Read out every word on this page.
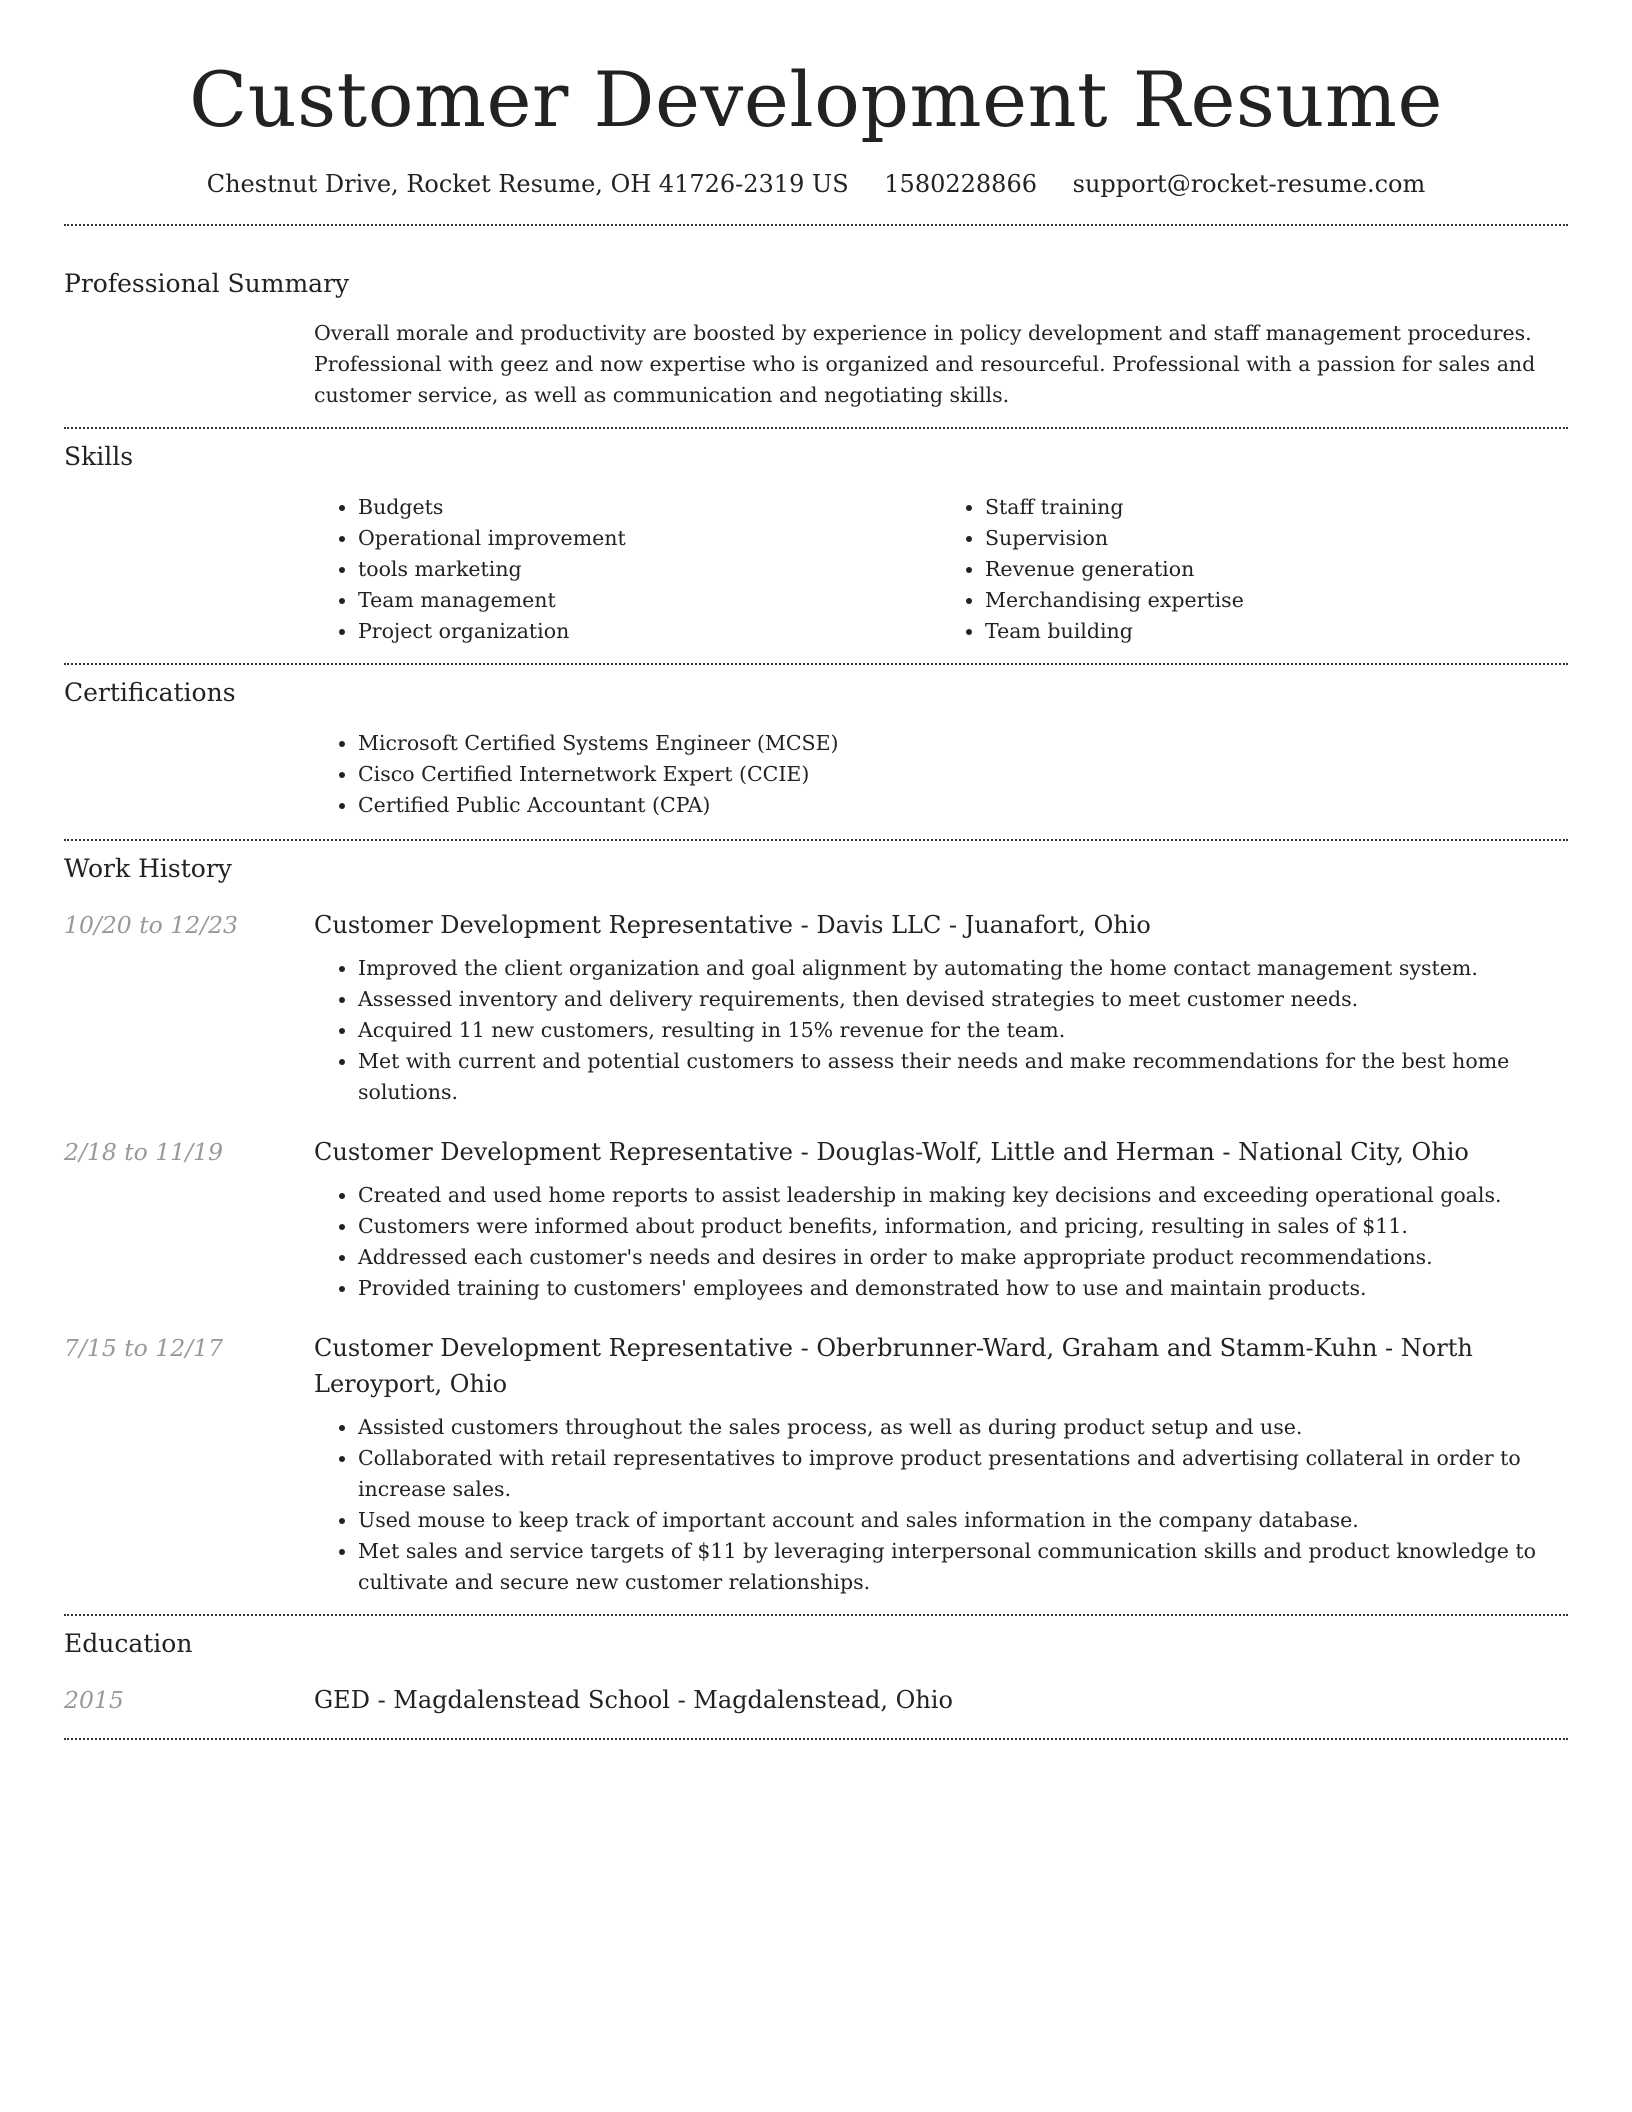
Customer Development Resume
Chestnut Drive, Rocket Resume, OH 41726-2319 US 1580228866 support@rocket-resume.com
Professional Summary
Overall morale and productivity are boosted by experience in policy development and staff management procedures. Professional with geez and now expertise who is organized and resourceful. Professional with a passion for sales and customer service, as well as communication and negotiating skills.
Skills
• Budgets
• Operational improvement
• tools marketing
• Team management
• Project organization
• Staff training
• Supervision
• Revenue generation
• Merchandising expertise
• Team building
Certifications
• Microsoft Certified Systems Engineer (MCSE)
• Cisco Certified Internetwork Expert (CCIE)
• Certified Public Accountant (CPA)
Work History
10/20 to 12/23	Customer Development Representative - Davis LLC - Juanafort, Ohio
• Improved the client organization and goal alignment by automating the home contact management system.
• Assessed inventory and delivery requirements, then devised strategies to meet customer needs.
• Acquired 11 new customers, resulting in 15% revenue for the team.
• Met with current and potential customers to assess their needs and make recommendations for the best home solutions.
2/18 to 11/19	Customer Development Representative - Douglas-Wolf, Little and Herman - National City, Ohio
• Created and used home reports to assist leadership in making key decisions and exceeding operational goals.
• Customers were informed about product benefits, information, and pricing, resulting in sales of $11.
• Addressed each customer's needs and desires in order to make appropriate product recommendations.
• Provided training to customers' employees and demonstrated how to use and maintain products.
7/15 to 12/17	Customer Development Representative - Oberbrunner-Ward, Graham and Stamm-Kuhn - North Leroyport, Ohio
• Assisted customers throughout the sales process, as well as during product setup and use.
• Collaborated with retail representatives to improve product presentations and advertising collateral in order to increase sales.
• Used mouse to keep track of important account and sales information in the company database.
• Met sales and service targets of $11 by leveraging interpersonal communication skills and product knowledge to cultivate and secure new customer relationships.
Education
2015	GED - Magdalenstead School - Magdalenstead, Ohio
